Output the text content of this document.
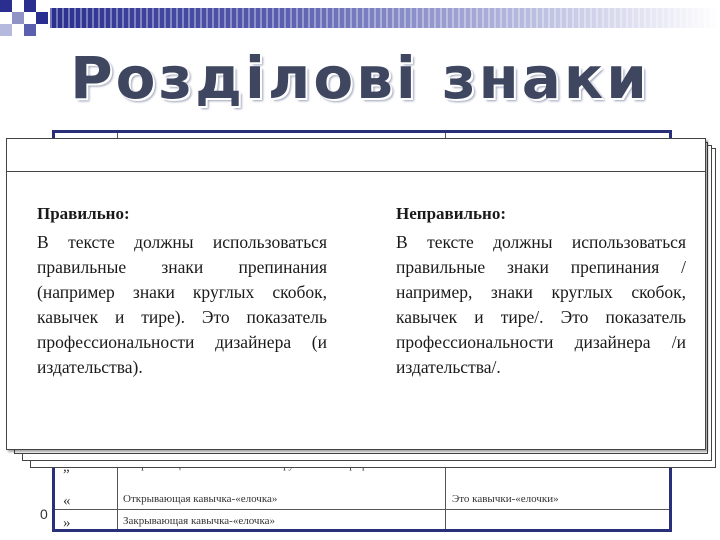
Розділові знаки
«	Открывающая кавычка-«елочка»	Это кавычки-«елочки»
»	Закрывающая кавычка-«елочка»
Правильно:
В тексте должны использоваться правильные знаки препинания (например знаки круглых скобок, кавычек и тире). Это показатель профессиональности дизайнера (и издательства).
Неправильно:
В тексте должны использоваться правильные знаки препинания /например, знаки круглых скобок, кавычек и тире/. Это показатель профессиональности дизайнера /и издательства/.
0
